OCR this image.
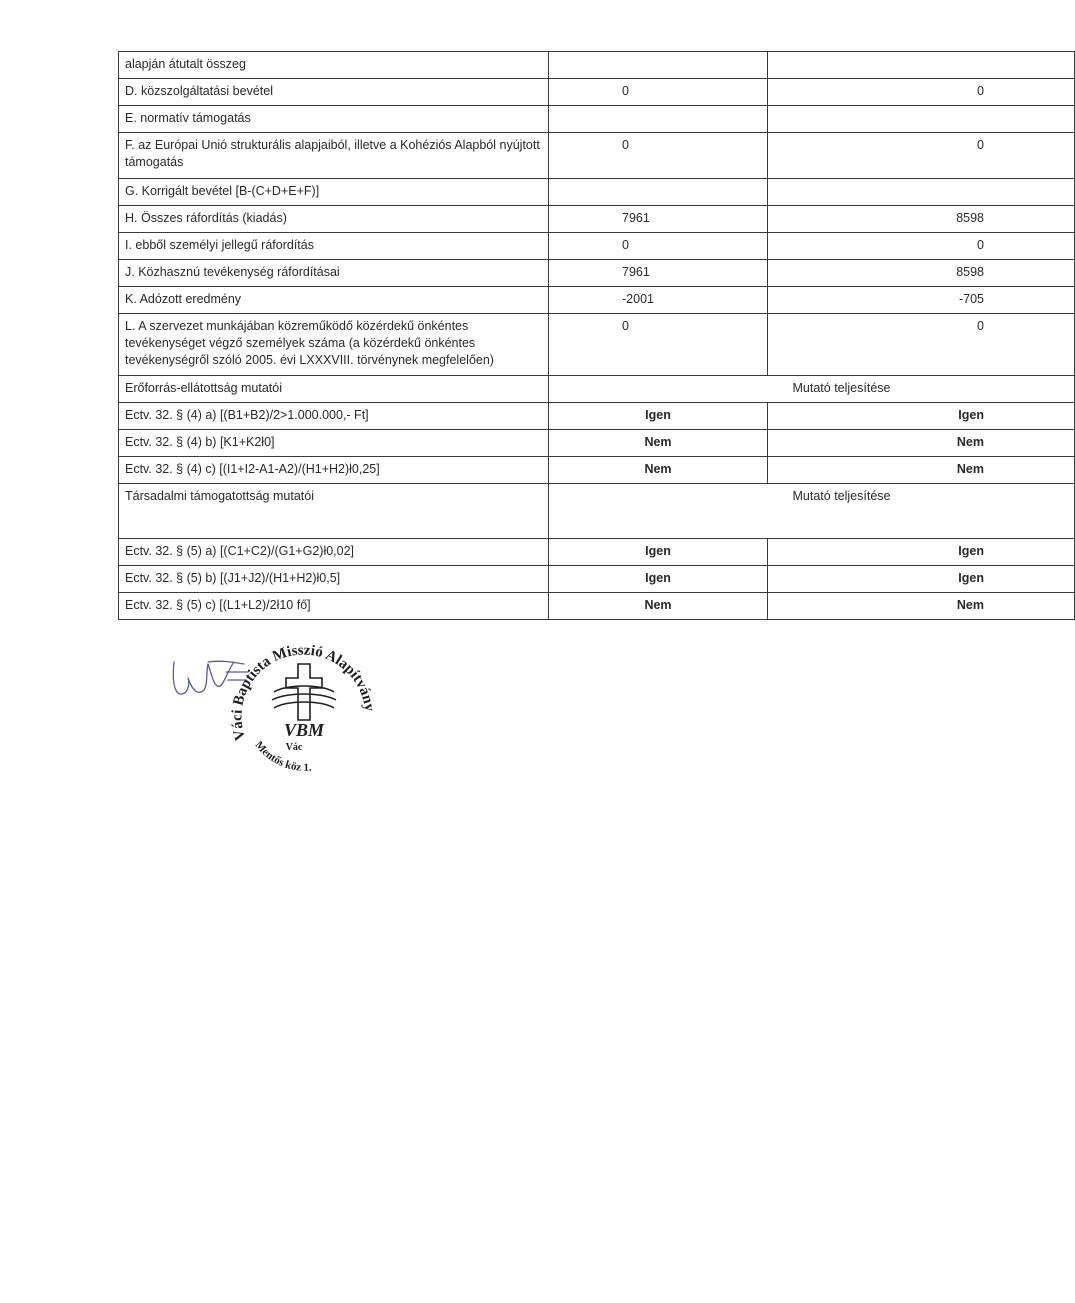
alapján átutalt összeg		
D. közszolgáltatási bevétel	0	0
E. normatív támogatás		
F. az Európai Unió strukturális alapjaiból, illetve a Kohéziós Alapból nyújtott támogatás	0	0
G. Korrigált bevétel [B-(C+D+E+F)]		
H. Összes ráfordítás (kiadás)	7961	8598
I. ebből személyi jellegű ráfordítás	0	0
J. Közhasznú tevékenység ráfordításai	7961	8598
K. Adózott eredmény	-2001	-705
L. A szervezet munkájában közreműködő közérdekű önkéntes tevékenységet végző személyek száma (a közérdekű önkéntes tevékenységről szóló 2005. évi LXXXVIII. törvénynek megfelelően)	0	0
Erőforrás-ellátottság mutatói	Mutató teljesítése	
Ectv. 32. § (4) a) [(B1+B2)/2>1.000.000,- Ft]	Igen	Igen
Ectv. 32. § (4) b) [K1+K2ł0]	Nem	Nem
Ectv. 32. § (4) c) [(I1+I2-A1-A2)/(H1+H2)ł0,25]	Nem	Nem
Társadalmi támogatottság mutatói	Mutató teljesítése	
Ectv. 32. § (5) a) [(C1+C2)/(G1+G2)ł0,02]	Igen	Igen
Ectv. 32. § (5) b) [(J1+J2)/(H1+H2)ł0,5]	Igen	Igen
Ectv. 32. § (5) c) [(L1+L2)/2ł10 fő]	Nem	Nem
Váci Baptista Misszió Alapítvány
Mentős köz 1.
VBM
Vác
